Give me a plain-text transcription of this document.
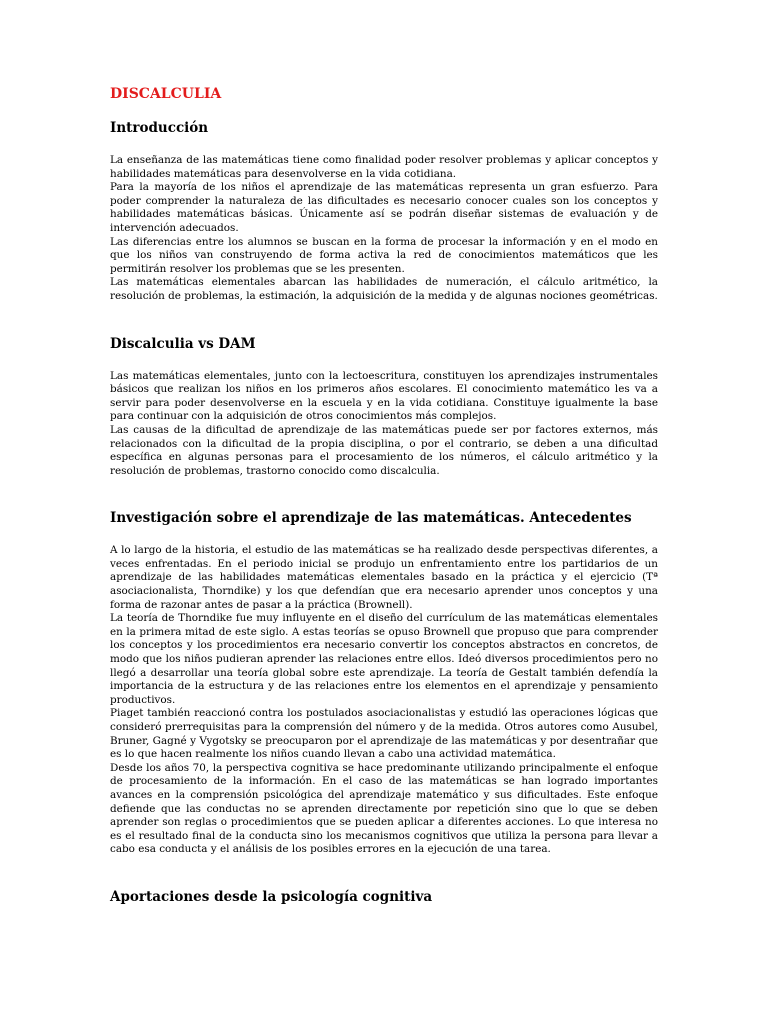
DISCALCULIA
Introducción

La enseñanza de las matemáticas tiene como finalidad poder resolver problemas y aplicar conceptos y habilidades matemáticas para desenvolverse en la vida cotidiana.

Para la mayoría de los niños el aprendizaje de las matemáticas representa un gran esfuerzo. Para poder comprender la naturaleza de las dificultades es necesario conocer cuales son los conceptos y habilidades matemáticas básicas. Únicamente así se podrán diseñar sistemas de evaluación y de intervención adecuados.

Las diferencias entre los alumnos se buscan en la forma de procesar la información y en el modo en que los niños van construyendo de forma activa la red de conocimientos matemáticos que les permitirán resolver los problemas que se les presenten.

Las matemáticas elementales abarcan las habilidades de numeración, el cálculo aritmético, la resolución de problemas, la estimación, la adquisición de la medida y de algunas nociones geométricas.

Discalculia vs DAM

Las matemáticas elementales, junto con la lectoescritura, constituyen los aprendizajes instrumentales básicos que realizan los niños en los primeros años escolares. El conocimiento matemático les va a servir para poder desenvolverse en la escuela y en la vida cotidiana. Constituye igualmente la base para continuar con la adquisición de otros conocimientos más complejos.

Las causas de la dificultad de aprendizaje de las matemáticas puede ser por factores externos, más relacionados con la dificultad de la propia disciplina, o por el contrario, se deben a una dificultad específica en algunas personas para el procesamiento de los números, el cálculo aritmético y la resolución de problemas, trastorno conocido como discalculia.

Investigación sobre el aprendizaje de las matemáticas. Antecedentes

A lo largo de la historia, el estudio de las matemáticas se ha realizado desde perspectivas diferentes, a veces enfrentadas. En el periodo inicial se produjo un enfrentamiento entre los partidarios de un aprendizaje de las habilidades matemáticas elementales basado en la práctica y el ejercicio (Tª asociacionalista, Thorndike) y los que defendían que era necesario aprender unos conceptos y una forma de razonar antes de pasar a la práctica (Brownell).

La teoría de Thorndike fue muy influyente en el diseño del currículum de las matemáticas elementales en la primera mitad de este siglo. A estas teorías se opuso Brownell que propuso que para comprender los conceptos y los procedimientos era necesario convertir los conceptos abstractos en concretos, de modo que los niños pudieran aprender las relaciones entre ellos. Ideó diversos procedimientos pero no llegó a desarrollar una teoría global sobre este aprendizaje. La teoría de Gestalt también defendía la importancia de la estructura y de las relaciones entre los elementos en el aprendizaje y pensamiento productivos.

Piaget también reaccionó contra los postulados asociacionalistas y estudió las operaciones lógicas que consideró prerrequisitas para la comprensión del número y de la medida. Otros autores como Ausubel, Bruner, Gagné y Vygotsky se preocuparon por el aprendizaje de las matemáticas y por desentrañar que es lo que hacen realmente los niños cuando llevan a cabo una actividad matemática.

Desde los años 70, la perspectiva cognitiva se hace predominante utilizando principalmente el enfoque de procesamiento de la información. En el caso de las matemáticas se han logrado importantes avances en la comprensión psicológica del aprendizaje matemático y sus dificultades. Este enfoque defiende que las conductas no se aprenden directamente por repetición sino que lo que se deben aprender son reglas o procedimientos que se pueden aplicar a diferentes acciones. Lo que interesa no es el resultado final de la conducta sino los mecanismos cognitivos que utiliza la persona para llevar a cabo esa conducta y el análisis de los posibles errores en la ejecución de una tarea.

Aportaciones desde la psicología cognitiva
